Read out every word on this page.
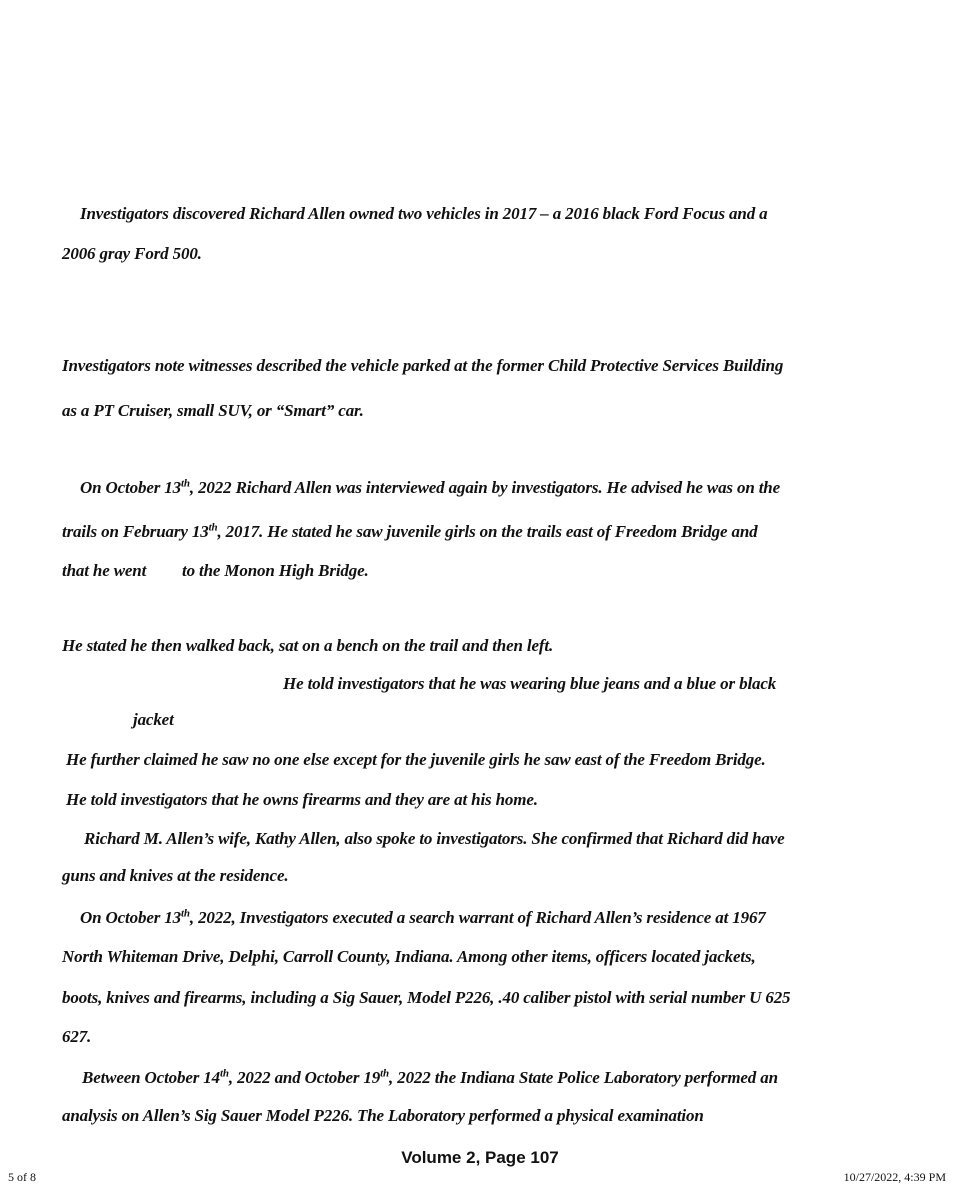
Investigators discovered Richard Allen owned two vehicles in 2017 – a 2016 black Ford Focus and a
2006 gray Ford 500.
Investigators note witnesses described the vehicle parked at the former Child Protective Services Building
as a PT Cruiser, small SUV, or “Smart” car.
On October 13th, 2022 Richard Allen was interviewed again by investigators. He advised he was on the
trails on February 13th, 2017. He stated he saw juvenile girls on the trails east of Freedom Bridge and
that he went to the Monon High Bridge.
He stated he then walked back, sat on a bench on the trail and then left.
He told investigators that he was wearing blue jeans and a blue or black
jacket
He further claimed he saw no one else except for the juvenile girls he saw east of the Freedom Bridge.
He told investigators that he owns firearms and they are at his home.
Richard M. Allen’s wife, Kathy Allen, also spoke to investigators. She confirmed that Richard did have
guns and knives at the residence.
On October 13th, 2022, Investigators executed a search warrant of Richard Allen’s residence at 1967
North Whiteman Drive, Delphi, Carroll County, Indiana. Among other items, officers located jackets,
boots, knives and firearms, including a Sig Sauer, Model P226, .40 caliber pistol with serial number U 625
627.
Between October 14th, 2022 and October 19th, 2022 the Indiana State Police Laboratory performed an
analysis on Allen’s Sig Sauer Model P226. The Laboratory performed a physical examination
Volume 2, Page 107
5 of 8	10/27/2022, 4:39 PM
